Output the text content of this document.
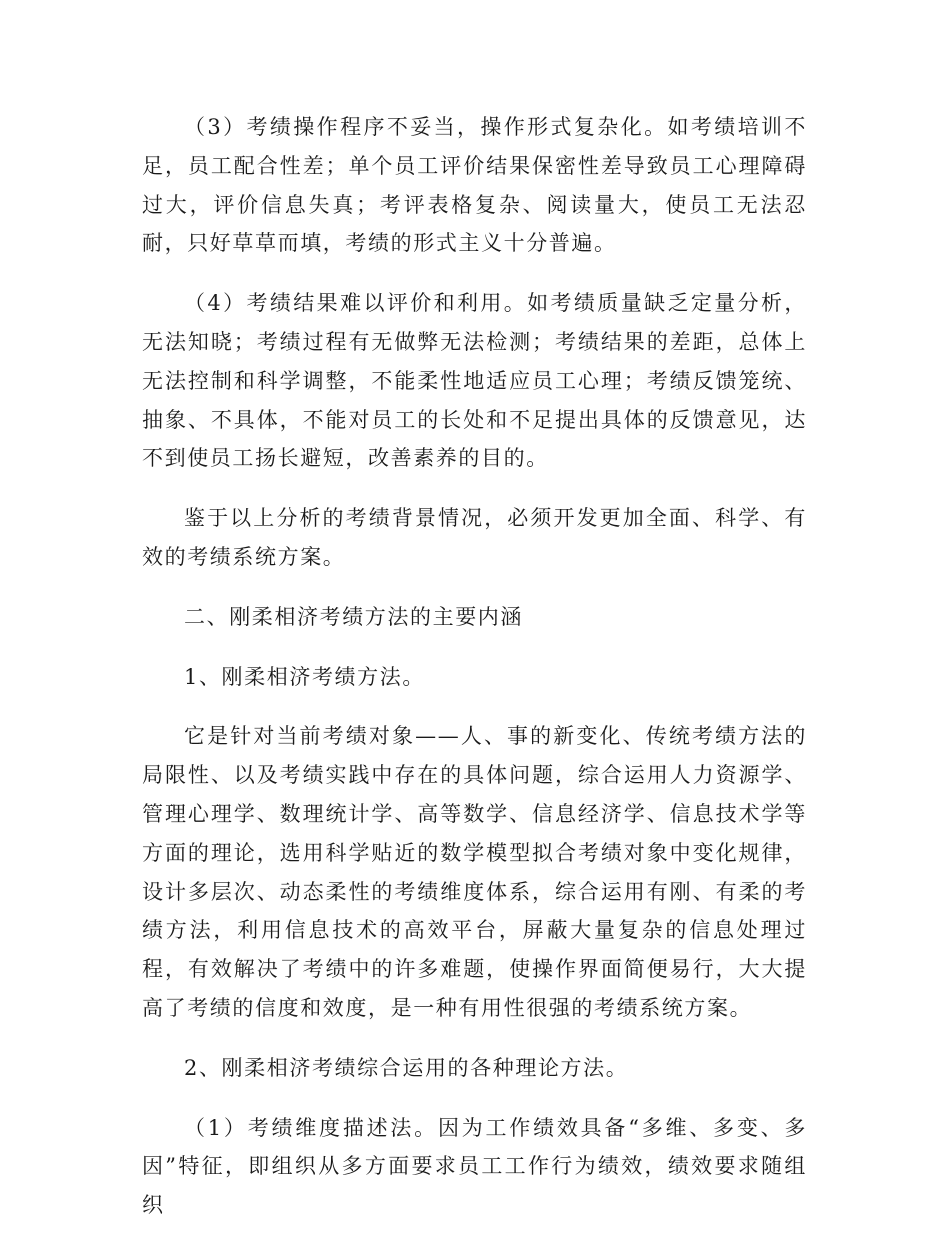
（3）考绩操作程序不妥当，操作形式复杂化。如考绩培训不足，员工配合性差；单个员工评价结果保密性差导致员工心理障碍过大，评价信息失真；考评表格复杂、阅读量大，使员工无法忍耐，只好草草而填，考绩的形式主义十分普遍。

（4）考绩结果难以评价和利用。如考绩质量缺乏定量分析，无法知晓；考绩过程有无做弊无法检测；考绩结果的差距，总体上无法控制和科学调整，不能柔性地适应员工心理；考绩反馈笼统、抽象、不具体，不能对员工的长处和不足提出具体的反馈意见，达不到使员工扬长避短，改善素养的目的。

鉴于以上分析的考绩背景情况，必须开发更加全面、科学、有效的考绩系统方案。

二、刚柔相济考绩方法的主要内涵

1、刚柔相济考绩方法。

它是针对当前考绩对象——人、事的新变化、传统考绩方法的局限性、以及考绩实践中存在的具体问题，综合运用人力资源学、管理心理学、数理统计学、高等数学、信息经济学、信息技术学等方面的理论，选用科学贴近的数学模型拟合考绩对象中变化规律，设计多层次、动态柔性的考绩维度体系，综合运用有刚、有柔的考绩方法，利用信息技术的高效平台，屏蔽大量复杂的信息处理过程，有效解决了考绩中的许多难题，使操作界面简便易行，大大提高了考绩的信度和效度，是一种有用性很强的考绩系统方案。

2、刚柔相济考绩综合运用的各种理论方法。

（1）考绩维度描述法。因为工作绩效具备“多维、多变、多因”特征，即组织从多方面要求员工工作行为绩效，绩效要求随组织
